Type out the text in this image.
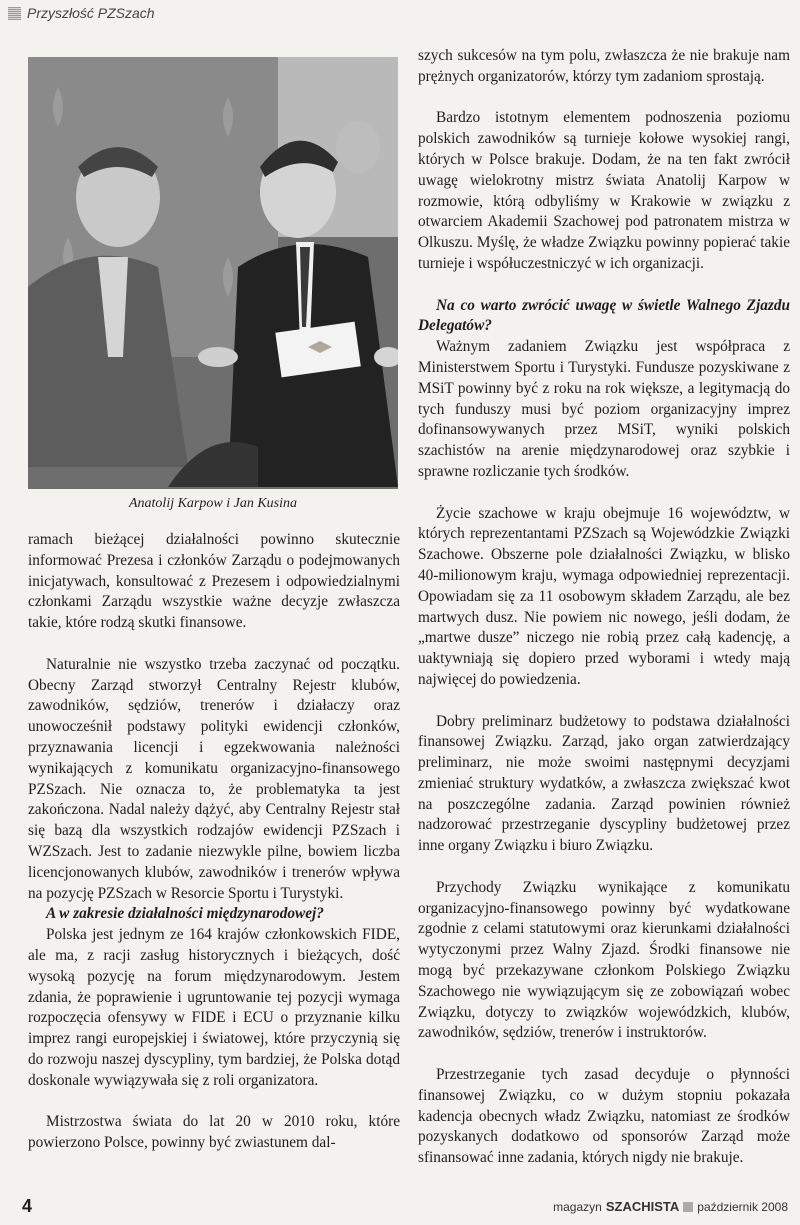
Przyszłość PZSzach
Anatolij Karpow i Jan Kusina

ramach bieżącej działalności powinno skutecznie informować Prezesa i członków Zarządu o podejmowanych inicjatywach, konsultować z Prezesem i odpowiedzialnymi członkami Zarządu wszystkie ważne decyzje zwłaszcza takie, które rodzą skutki finansowe.

Naturalnie nie wszystko trzeba zaczynać od początku. Obecny Zarząd stworzył Centralny Rejestr klubów, zawodników, sędziów, trenerów i działaczy oraz unowocześnił podstawy polityki ewidencji członków, przyznawania licencji i egzekwowania należności wynikających z komunikatu organizacyjno-finansowego PZSzach. Nie oznacza to, że problematyka ta jest zakończona. Nadal należy dążyć, aby Centralny Rejestr stał się bazą dla wszystkich rodzajów ewidencji PZSzach i WZSzach. Jest to zadanie niezwykle pilne, bowiem liczba licencjonowanych klubów, zawodników i trenerów wpływa na pozycję PZSzach w Resorcie Sportu i Turystyki.

A w zakresie działalności międzynarodowej?

Polska jest jednym ze 164 krajów członkowskich FIDE, ale ma, z racji zasług historycznych i bieżących, dość wysoką pozycję na forum międzynarodowym. Jestem zdania, że poprawienie i ugruntowanie tej pozycji wymaga rozpoczęcia ofensywy w FIDE i ECU o przyznanie kilku imprez rangi europejskiej i światowej, które przyczynią się do rozwoju naszej dyscypliny, tym bardziej, że Polska dotąd doskonale wywiązywała się z roli organizatora.

Mistrzostwa świata do lat 20 w 2010 roku, które powierzono Polsce, powinny być zwiastunem dal-

szych sukcesów na tym polu, zwłaszcza że nie brakuje nam prężnych organizatorów, którzy tym zadaniom sprostają.

Bardzo istotnym elementem podnoszenia poziomu polskich zawodników są turnieje kołowe wysokiej rangi, których w Polsce brakuje. Dodam, że na ten fakt zwrócił uwagę wielokrotny mistrz świata Anatolij Karpow w rozmowie, którą odbyliśmy w Krakowie w związku z otwarciem Akademii Szachowej pod patronatem mistrza w Olkuszu. Myślę, że władze Związku powinny popierać takie turnieje i współuczestniczyć w ich organizacji.

Na co warto zwrócić uwagę w świetle Walnego Zjazdu Delegatów?

Ważnym zadaniem Związku jest współpraca z Ministerstwem Sportu i Turystyki. Fundusze pozyskiwane z MSiT powinny być z roku na rok większe, a legitymacją do tych funduszy musi być poziom organizacyjny imprez dofinansowywanych przez MSiT, wyniki polskich szachistów na arenie międzynarodowej oraz szybkie i sprawne rozliczanie tych środków.

Życie szachowe w kraju obejmuje 16 województw, w których reprezentantami PZSzach są Wojewódzkie Związki Szachowe. Obszerne pole działalności Związku, w blisko 40-milionowym kraju, wymaga odpowiedniej reprezentacji. Opowiadam się za 11 osobowym składem Zarządu, ale bez martwych dusz. Nie powiem nic nowego, jeśli dodam, że „martwe dusze” niczego nie robią przez całą kadencję, a uaktywniają się dopiero przed wyborami i wtedy mają najwięcej do powiedzenia.

Dobry preliminarz budżetowy to podstawa działalności finansowej Związku. Zarząd, jako organ zatwierdzający preliminarz, nie może swoimi następnymi decyzjami zmieniać struktury wydatków, a zwłaszcza zwiększać kwot na poszczególne zadania. Zarząd powinien również nadzorować przestrzeganie dyscypliny budżetowej przez inne organy Związku i biuro Związku.

Przychody Związku wynikające z komunikatu organizacyjno-finansowego powinny być wydatkowane zgodnie z celami statutowymi oraz kierunkami działalności wytyczonymi przez Walny Zjazd. Środki finansowe nie mogą być przekazywane członkom Polskiego Związku Szachowego nie wywiązującym się ze zobowiązań wobec Związku, dotyczy to związków wojewódzkich, klubów, zawodników, sędziów, trenerów i instruktorów.

Przestrzeganie tych zasad decyduje o płynności finansowej Związku, co w dużym stopniu pokazała kadencja obecnych władz Związku, natomiast ze środków pozyskanych dodatkowo od sponsorów Zarząd może sfinansować inne zadania, których nigdy nie brakuje.

4	magazyn SZACHISTA październik 2008
